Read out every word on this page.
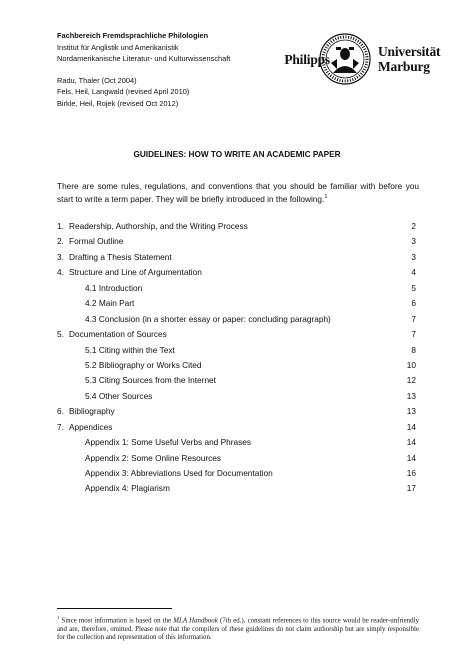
Fachbereich Fremdsprachliche Philologien
Institut für Anglistik und Amerikanistik
Nordamerikanische Literatur- und Kulturwissenschaft
Radu, Thaler (Oct 2004)
Fels, Heil, Langwald (revised April 2010)
Birkle, Heil, Rojek (revised Oct 2012)
Philipps
Universität
Marburg
GUIDELINES: HOW TO WRITE AN ACADEMIC PAPER
There are some rules, regulations, and conventions that you should be familiar with before you start to write a term paper. They will be briefly introduced in the following.$^1$
1. Readership, Authorship, and the Writing Process	2
2. Formal Outline	3
3. Drafting a Thesis Statement	3
4. Structure and Line of Argumentation	4
4.1 Introduction	5
4.2 Main Part	6
4.3 Conclusion (in a shorter essay or paper: concluding paragraph)	7
5. Documentation of Sources	7
5.1 Citing within the Text	8
5.2 Bibliography or Works Cited	10
5.3 Citing Sources from the Internet	12
5.4 Other Sources	13
6. Bibliography	13
7. Appendices	14
Appendix 1: Some Useful Verbs and Phrases	14
Appendix 2: Some Online Resources	14
Appendix 3: Abbreviations Used for Documentation	16
Appendix 4: Plagiarism	17
$^1$ Since most information is based on the MLA Handbook (7th ed.), constant references to this source would be reader-unfriendly and are, therefore, omitted. Please note that the compilers of these guidelines do not claim authorship but are simply responsible for the collection and representation of this information.
